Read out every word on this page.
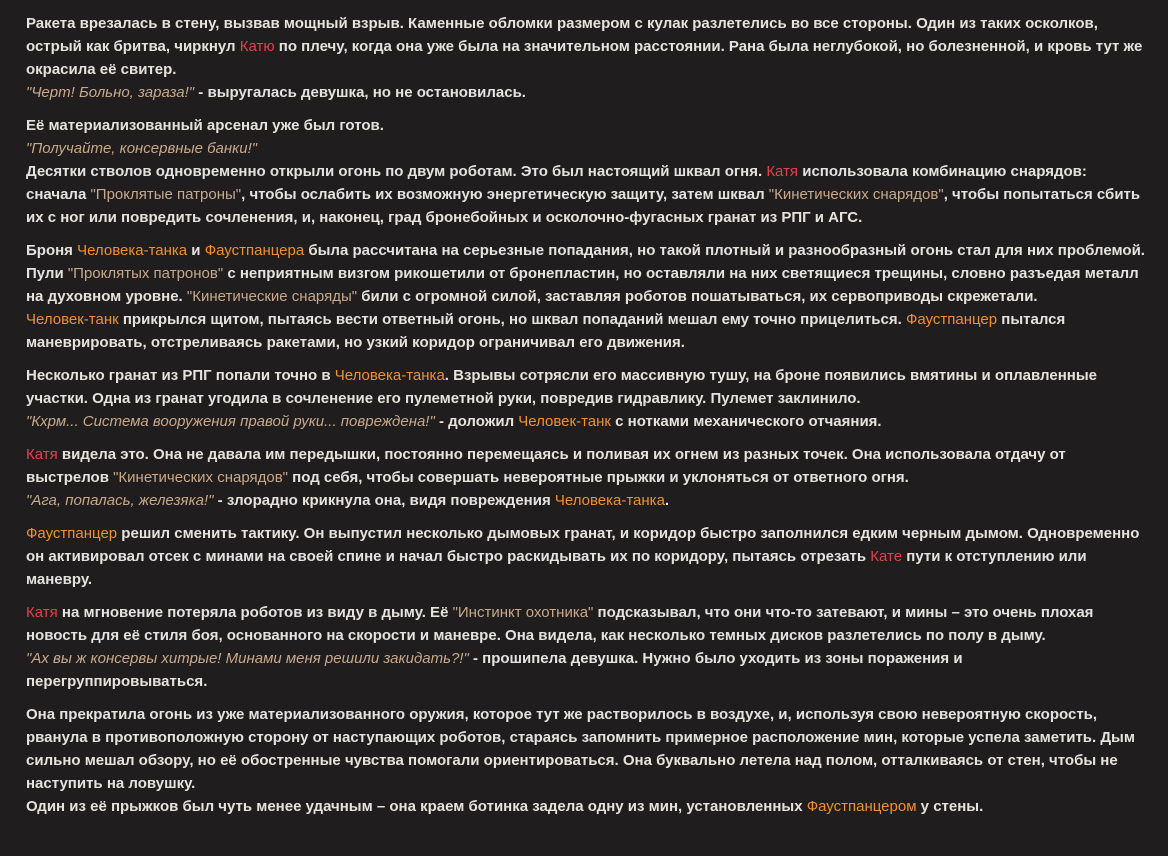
Ракета врезалась в стену, вызвав мощный взрыв. Каменные обломки размером с кулак разлетелись во все стороны. Один из таких осколков, острый как бритва, чиркнул Катю по плечу, когда она уже была на значительном расстоянии. Рана была неглубокой, но болезненной, и кровь тут же окрасила её свитер.
"Черт! Больно, зараза!" - выругалась девушка, но не остановилась.
Её материализованный арсенал уже был готов.
"Получайте, консервные банки!"
Десятки стволов одновременно открыли огонь по двум роботам. Это был настоящий шквал огня. Катя использовала комбинацию снарядов: сначала "Проклятые патроны", чтобы ослабить их возможную энергетическую защиту, затем шквал "Кинетических снарядов", чтобы попытаться сбить их с ног или повредить сочленения, и, наконец, град бронебойных и осколочно-фугасных гранат из РПГ и АГС.
Броня Человека-танка и Фаустпанцера была рассчитана на серьезные попадания, но такой плотный и разнообразный огонь стал для них проблемой. Пули "Проклятых патронов" с неприятным визгом рикошетили от бронепластин, но оставляли на них светящиеся трещины, словно разъедая металл на духовном уровне. "Кинетические снаряды" били с огромной силой, заставляя роботов пошатываться, их сервоприводы скрежетали.
Человек-танк прикрылся щитом, пытаясь вести ответный огонь, но шквал попаданий мешал ему точно прицелиться. Фаустпанцер пытался маневрировать, отстреливаясь ракетами, но узкий коридор ограничивал его движения.
Несколько гранат из РПГ попали точно в Человека-танка. Взрывы сотрясли его массивную тушу, на броне появились вмятины и оплавленные участки. Одна из гранат угодила в сочленение его пулеметной руки, повредив гидравлику. Пулемет заклинило.
"Кхрм... Система вооружения правой руки... повреждена!" - доложил Человек-танк с нотками механического отчаяния.
Катя видела это. Она не давала им передышки, постоянно перемещаясь и поливая их огнем из разных точек. Она использовала отдачу от выстрелов "Кинетических снарядов" под себя, чтобы совершать невероятные прыжки и уклоняться от ответного огня.
"Ага, попалась, железяка!" - злорадно крикнула она, видя повреждения Человека-танка.
Фаустпанцер решил сменить тактику. Он выпустил несколько дымовых гранат, и коридор быстро заполнился едким черным дымом. Одновременно он активировал отсек с минами на своей спине и начал быстро раскидывать их по коридору, пытаясь отрезать Кате пути к отступлению или маневру.
Катя на мгновение потеряла роботов из виду в дыму. Её "Инстинкт охотника" подсказывал, что они что-то затевают, и мины – это очень плохая новость для её стиля боя, основанного на скорости и маневре. Она видела, как несколько темных дисков разлетелись по полу в дыму.
"Ах вы ж консервы хитрые! Минами меня решили закидать?!" - прошипела девушка. Нужно было уходить из зоны поражения и перегруппировываться.
Она прекратила огонь из уже материализованного оружия, которое тут же растворилось в воздухе, и, используя свою невероятную скорость, рванула в противоположную сторону от наступающих роботов, стараясь запомнить примерное расположение мин, которые успела заметить. Дым сильно мешал обзору, но её обостренные чувства помогали ориентироваться. Она буквально летела над полом, отталкиваясь от стен, чтобы не наступить на ловушку.
Один из её прыжков был чуть менее удачным – она краем ботинка задела одну из мин, установленных Фаустпанцером у стены.
